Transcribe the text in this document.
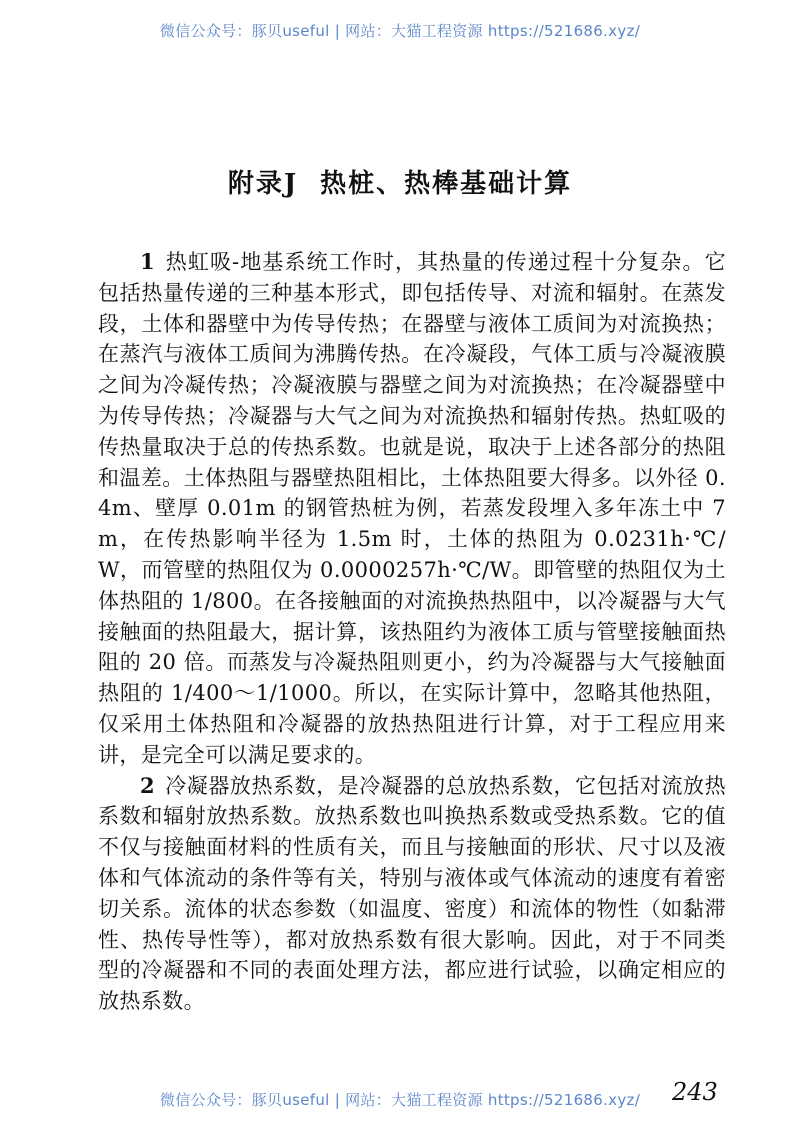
微信公众号：豚贝useful | 网站：大猫工程资源 https://521686.xyz/
附录J 热桩、热棒基础计算

1 热虹吸-地基系统工作时，其热量的传递过程十分复杂。它包括热量传递的三种基本形式，即包括传导、对流和辐射。在蒸发段，土体和器壁中为传导传热；在器壁与液体工质间为对流换热；在蒸汽与液体工质间为沸腾传热。在冷凝段，气体工质与冷凝液膜之间为冷凝传热；冷凝液膜与器壁之间为对流换热；在冷凝器壁中为传导传热；冷凝器与大气之间为对流换热和辐射传热。热虹吸的传热量取决于总的传热系数。也就是说，取决于上述各部分的热阻和温差。土体热阻与器壁热阻相比，土体热阻要大得多。以外径 0.4m、壁厚 0.01m 的钢管热桩为例，若蒸发段埋入多年冻土中 7m，在传热影响半径为 1.5m 时，土体的热阻为 0.0231h·℃/W，而管壁的热阻仅为 0.0000257h·℃/W。即管壁的热阻仅为土体热阻的 1/800。在各接触面的对流换热热阻中，以冷凝器与大气接触面的热阻最大，据计算，该热阻约为液体工质与管壁接触面热阻的 20 倍。而蒸发与冷凝热阻则更小，约为冷凝器与大气接触面热阻的 1/400～1/1000。所以，在实际计算中，忽略其他热阻，仅采用土体热阻和冷凝器的放热热阻进行计算，对于工程应用来讲，是完全可以满足要求的。

2 冷凝器放热系数，是冷凝器的总放热系数，它包括对流放热系数和辐射放热系数。放热系数也叫换热系数或受热系数。它的值不仅与接触面材料的性质有关，而且与接触面的形状、尺寸以及液体和气体流动的条件等有关，特别与液体或气体流动的速度有着密切关系。流体的状态参数（如温度、密度）和流体的物性（如黏滞性、热传导性等），都对放热系数有很大影响。因此，对于不同类型的冷凝器和不同的表面处理方法，都应进行试验，以确定相应的放热系数。

微信公众号：豚贝useful | 网站：大猫工程资源 https://521686.xyz/	243
